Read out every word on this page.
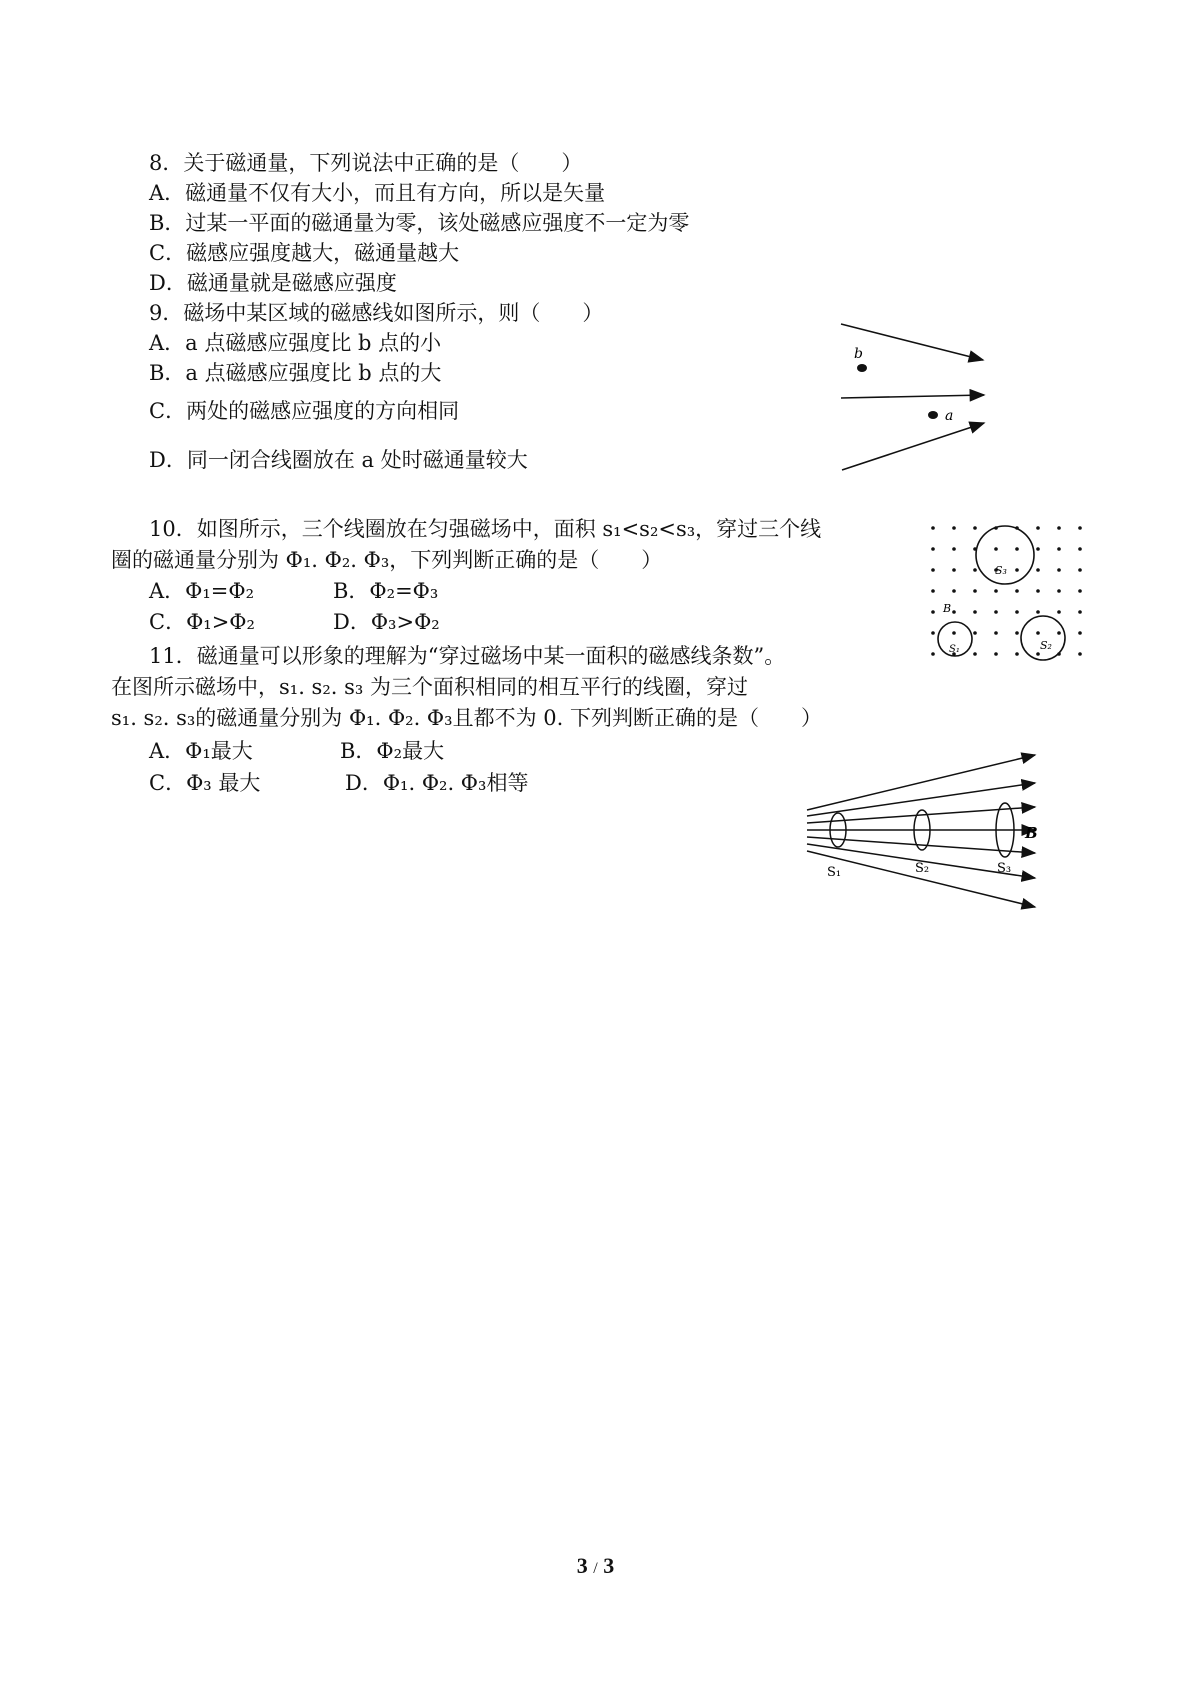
8．关于磁通量，下列说法中正确的是（　　）
A．磁通量不仅有大小，而且有方向，所以是矢量
B．过某一平面的磁通量为零，该处磁感应强度不一定为零
C．磁感应强度越大，磁通量越大
D．磁通量就是磁感应强度
9．磁场中某区域的磁感线如图所示，则（　　）
A．a 点磁感应强度比 b 点的小
B．a 点磁感应强度比 b 点的大
C．两处的磁感应强度的方向相同
D．同一闭合线圈放在 a 处时磁通量较大
b
a
10．如图所示，三个线圈放在匀强磁场中，面积 s₁<s₂<s₃，穿过三个线
圈的磁通量分别为 Φ₁. Φ₂. Φ₃，下列判断正确的是（　　）
A．Φ₁=Φ₂	B．Φ₂=Φ₃
C．Φ₁>Φ₂	D．Φ₃>Φ₂
B
S₃
S₁	S₂
11．磁通量可以形象的理解为“穿过磁场中某一面积的磁感线条数”。
在图所示磁场中，s₁. s₂. s₃ 为三个面积相同的相互平行的线圈，穿过
s₁. s₂. s₃的磁通量分别为 Φ₁. Φ₂. Φ₃且都不为 0. 下列判断正确的是（　　）
A．Φ₁最大	B．Φ₂最大
C．Φ₃ 最大	D．Φ₁. Φ₂. Φ₃相等
B
S₁	S₂	S₃
3 / 3
